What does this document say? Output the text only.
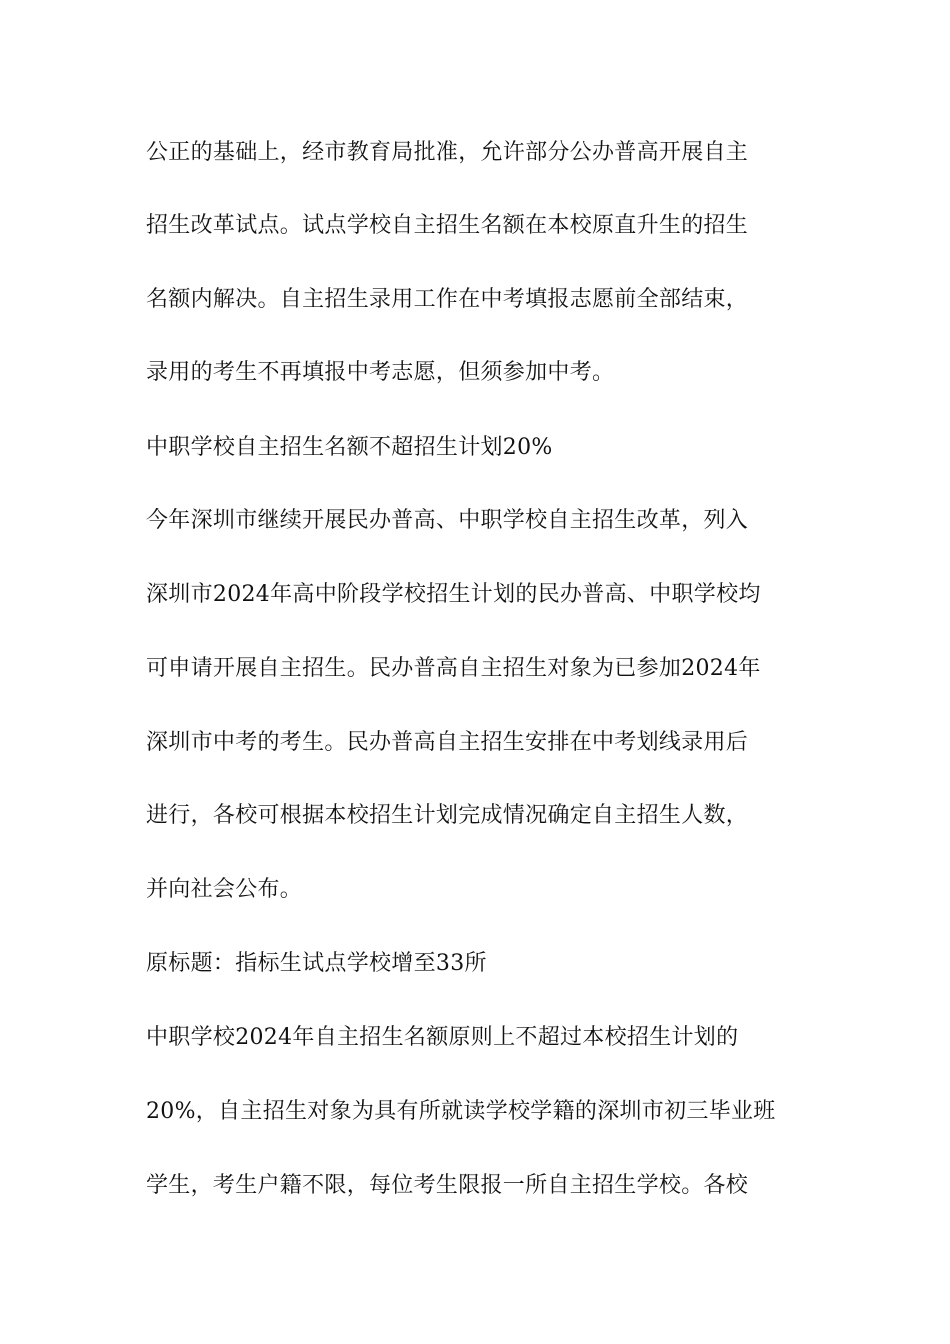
公正的基础上，经市教育局批准，允许部分公办普高开展自主
招生改革试点。试点学校自主招生名额在本校原直升生的招生
名额内解决。自主招生录用工作在中考填报志愿前全部结束，
录用的考生不再填报中考志愿，但须参加中考。
中职学校自主招生名额不超招生计划20%
今年深圳市继续开展民办普高、中职学校自主招生改革，列入
深圳市2024年高中阶段学校招生计划的民办普高、中职学校均
可申请开展自主招生。民办普高自主招生对象为已参加2024年
深圳市中考的考生。民办普高自主招生安排在中考划线录用后
进行，各校可根据本校招生计划完成情况确定自主招生人数，
并向社会公布。
原标题：指标生试点学校增至33所
中职学校2024年自主招生名额原则上不超过本校招生计划的
20%，自主招生对象为具有所就读学校学籍的深圳市初三毕业班
学生，考生户籍不限，每位考生限报一所自主招生学校。各校
